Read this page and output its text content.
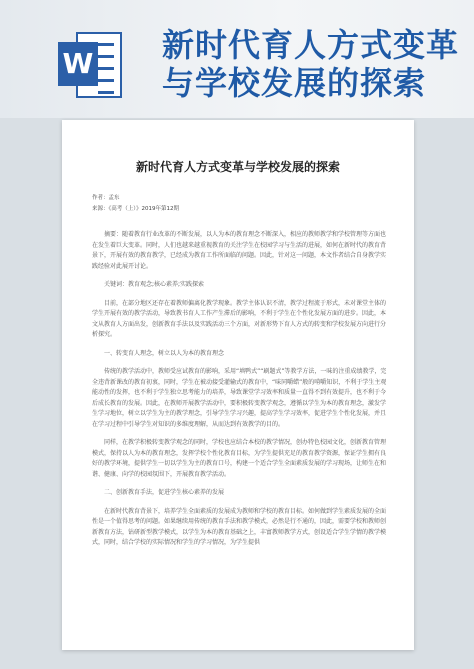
W 新时代育人方式变革与学校发展的探索
新时代育人方式变革与学校发展的探索
作者：孟东
来源：《高考（上）》2019年第12期

摘要：随着教育行业改革的不断发展，以人为本的教育理念不断深入，相应的教师教学和学校管理等方面也在发生着巨大变革。同时，人们也越来越重视教育的关注学生在校园学习与生活的进展，如何在新时代的教育背景下，开展有效的教育教学，已经成为教育工作所面临的问题。因此，针对这一问题，本文作者结合自身教学实践经验对此展开讨论。

关键词：教育观念;核心素养;实践探索

目前，在部分地区还存在着教师偏离化教学现象。教学主体认识不清，教学过程流于形式，未对课堂主体的学生开展有效的教学活动，导致教书育人工作产生滞后的影响，不利于学生在个性化发展方面的进步。因此，本文从教育人方面出发，创新教育手法以及实践活动三个方面，对新形势下育人方式的转变和学校发展方向进行分析探究。

一、转变育人理念，树立以人为本的教育理念

传统的教学活动中，教师受应试教育的影响，采用“填鸭式”“刷题式”等教学方法，一味的注重成绩教学，完全违背新课改的教育初衷，同时，学生在被动接受灌输式的教育中，“味同嚼蜡”般的啃嚼知识，不利于学生主观能动性的发挥，也不利于学生独立思考能力的培养，导致课堂学习效率和质量一直得不到有效提升，也不利于今后成长教育的发展。因此，在教师开展教学活动中，要积极转变教学观念，遵循以学生为本的教育理念，激发学生学习地位，树立以学生为主的教学理念，引导学生学习兴趣，提高学生学习效率，促进学生个性化发展，并且在学习过程中引导学生对知识的多维度理解，从而达到有效教学的目的。

同样，在教学积极转变教学观念的同时，学校也应结合本校的教学情况，创办特色校园文化，创新教育管理模式，保持以人为本的教育理念，发挥学校个性化教育目标，为学生提供充足的教育教学资源，保证学生拥有良好的教学环境，提供学生一切以学生为主的教育口号，构建一个适合学生全面素质发展的学习现场，让师生在和谐、健康、向学的校园氛围下，开展教育教学活动。

二、创新教育手法，促进学生核心素养的发展

在新时代教育背景下，培养学生全面素质的发展成为教师和学校的教育目标。如何做到学生素质发展的全面性是一个值得思考的问题。如果继续用传统的教育手法和教学模式，必然是行不通的，因此，需要学校和教师创新教育方法，钻研新型教学模式，以学生为本的教育基础之上，丰富教师教学方式，创设适合学生学情的教学模式，同时，结合学校的实际情况和学生的学习情况，为学生提供
